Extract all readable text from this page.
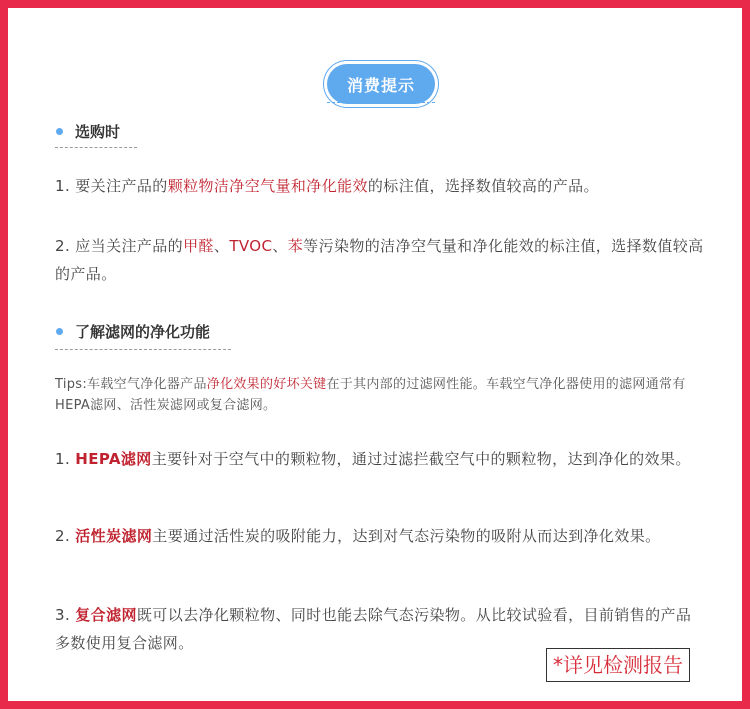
消费提示
选购时
1. 要关注产品的颗粒物洁净空气量和净化能效的标注值，选择数值较高的产品。
2. 应当关注产品的甲醛、TVOC、苯等污染物的洁净空气量和净化能效的标注值，选择数值较高的产品。
了解滤网的净化功能
Tips:车载空气净化器产品净化效果的好坏关键在于其内部的过滤网性能。车载空气净化器使用的滤网通常有HEPA滤网、活性炭滤网或复合滤网。
1. HEPA滤网主要针对于空气中的颗粒物，通过过滤拦截空气中的颗粒物，达到净化的效果。
2. 活性炭滤网主要通过活性炭的吸附能力，达到对气态污染物的吸附从而达到净化效果。
3. 复合滤网既可以去净化颗粒物、同时也能去除气态污染物。从比较试验看，目前销售的产品多数使用复合滤网。
*详见检测报告
